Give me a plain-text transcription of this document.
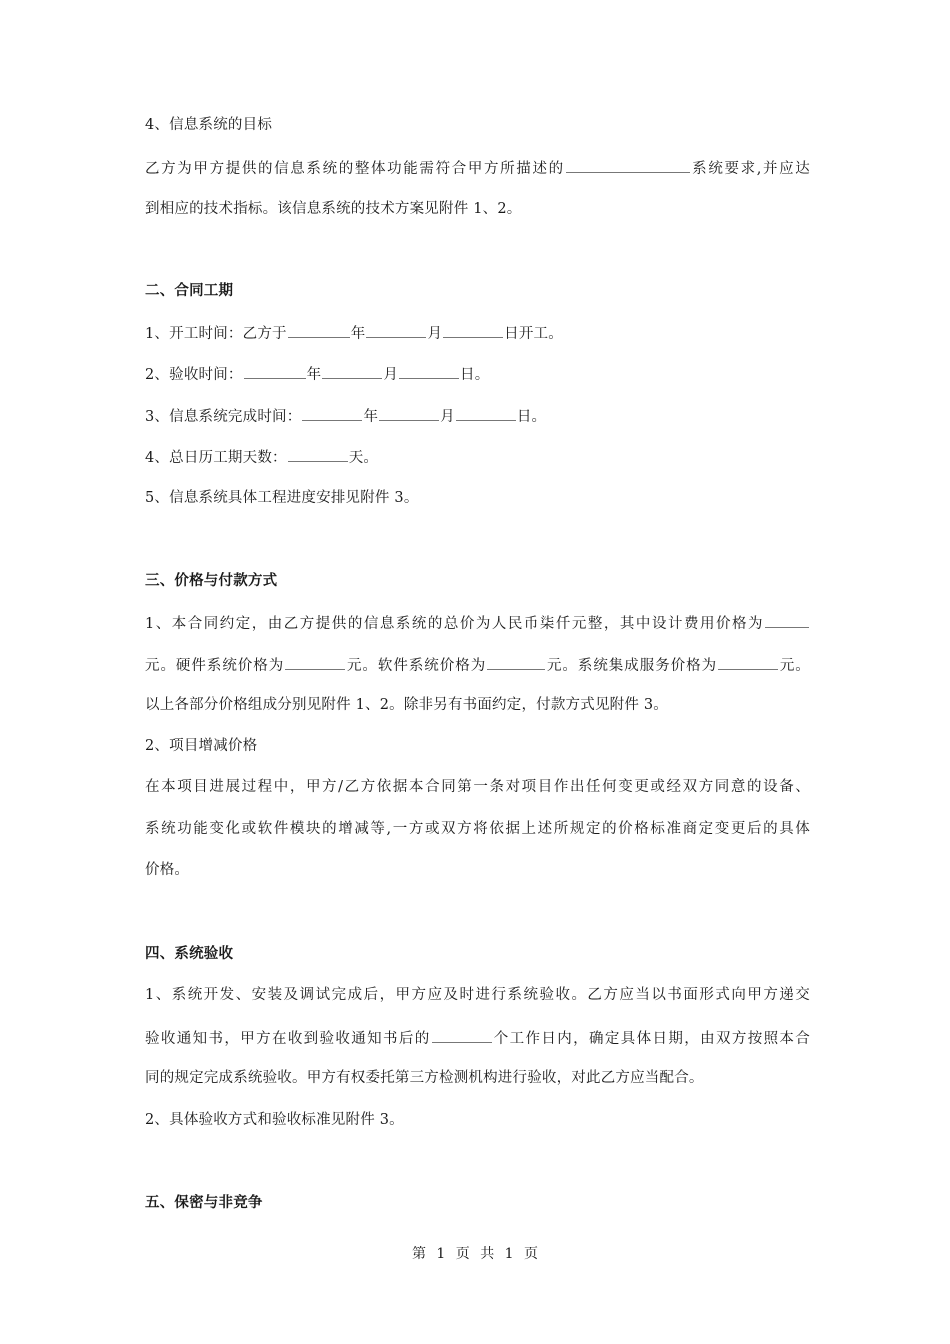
4、信息系统的目标
乙方为甲方提供的信息系统的整体功能需符合甲方所描述的	系统要求,并应达
到相应的技术指标。该信息系统的技术方案见附件 1、2。
二、合同工期
1、开工时间：乙方于	年	月	日开工。
2、验收时间：	年	月	日。
3、信息系统完成时间：	年	月	日。
4、总日历工期天数：	天。
5、信息系统具体工程进度安排见附件 3。
三、价格与付款方式
1、本合同约定，由乙方提供的信息系统的总价为人民币柒仟元整，其中设计费用价格为
元。硬件系统价格为	元。软件系统价格为	元。系统集成服务价格为	元。
以上各部分价格组成分别见附件 1、2。除非另有书面约定，付款方式见附件 3。
2、项目增减价格
在本项目进展过程中，甲方/乙方依据本合同第一条对项目作出任何变更或经双方同意的设备、
系统功能变化或软件模块的增减等,一方或双方将依据上述所规定的价格标准商定变更后的具体
价格。
四、系统验收
1、系统开发、安装及调试完成后，甲方应及时进行系统验收。乙方应当以书面形式向甲方递交
验收通知书，甲方在收到验收通知书后的	个工作日内，确定具体日期，由双方按照本合
同的规定完成系统验收。甲方有权委托第三方检测机构进行验收，对此乙方应当配合。
2、具体验收方式和验收标准见附件 3。
五、保密与非竞争
第 1 页 共 1 页
